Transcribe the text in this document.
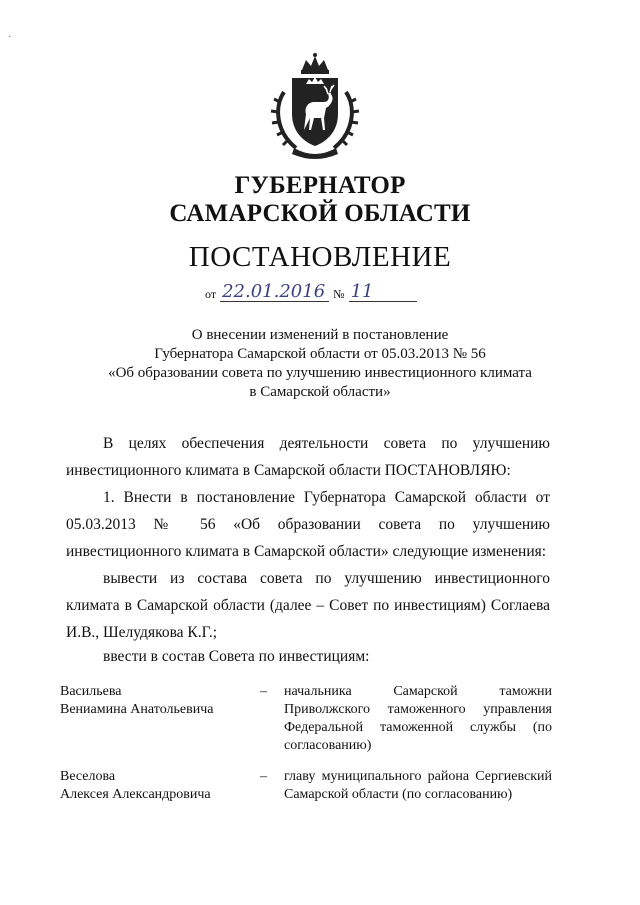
·

ГУБЕРНАТОР

САМАРСКОЙ ОБЛАСТИ

ПОСТАНОВЛЕНИЕ

от 22.01.2016 № 11
О внесении изменений в постановление
Губернатора Самарской области от 05.03.2013 № 56
«Об образовании совета по улучшению инвестиционного климата
в Самарской области»
В целях обеспечения деятельности совета по улучшению инвестиционного климата в Самарской области ПОСТАНОВЛЯЮ:
1. Внести в постановление Губернатора Самарской области от 05.03.2013 № 56 «Об образовании совета по улучшению инвестиционного климата в Самарской области» следующие изменения:
вывести из состава совета по улучшению инвестиционного климата в Самарской области (далее – Совет по инвестициям) Соглаева И.В., Шелудякова К.Г.;
ввести в состав Совета по инвестициям:
Васильева
Вениамина Анатольевича
– начальника Самарской таможни Приволжского таможенного управления Федеральной таможенной службы (по согласованию)
Веселова
Алексея Александровича
– главу муниципального района Сергиевский Самарской области (по согласованию)
